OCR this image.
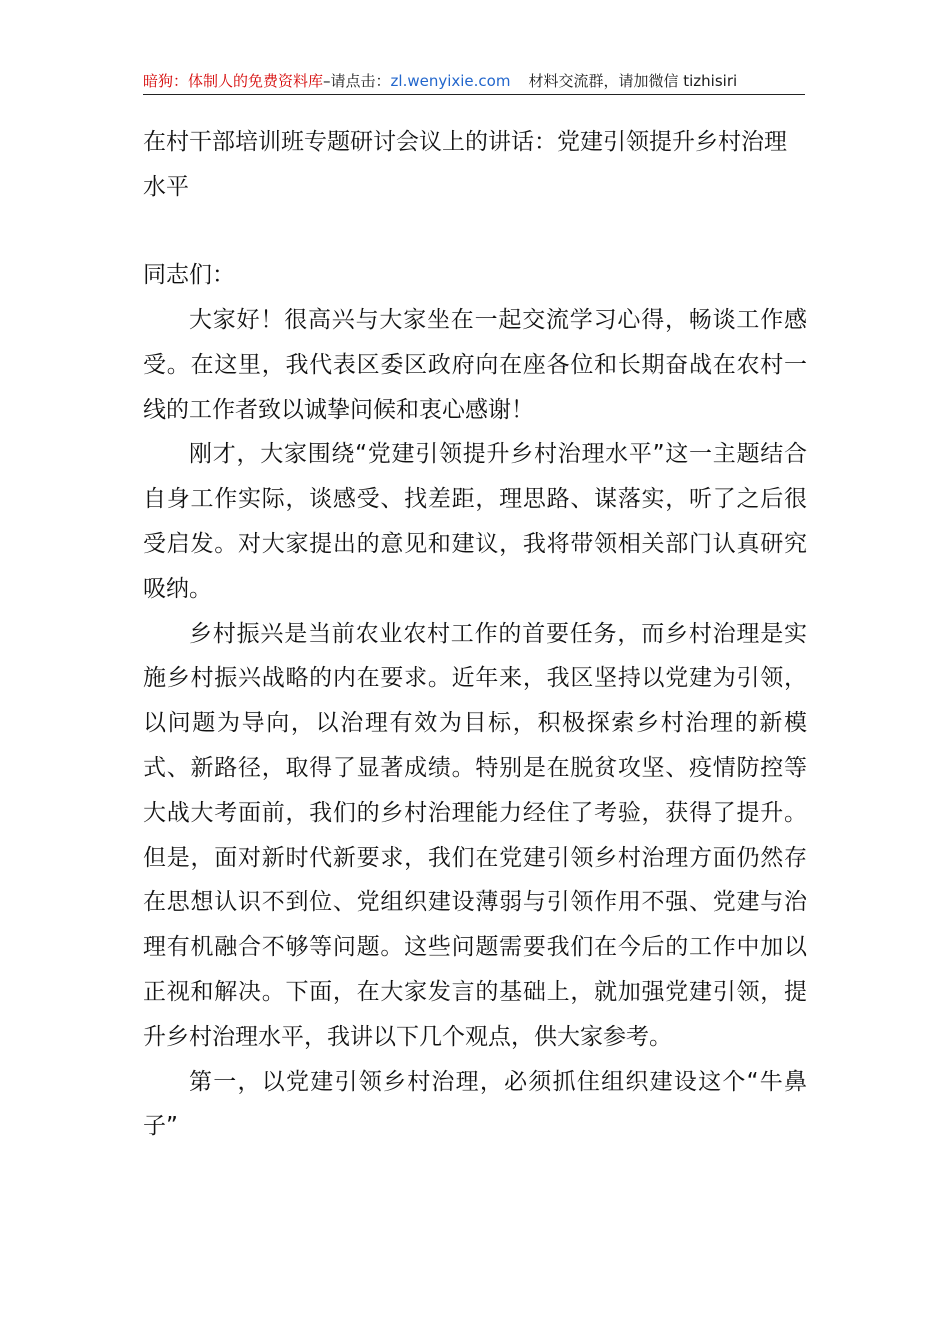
暗狗：体制人的免费资料库–请点击：zl.wenyixie.com 材料交流群，请加微信 tizhisiri

在村干部培训班专题研讨会议上的讲话：党建引领提升乡村治理水平

同志们：

大家好！很高兴与大家坐在一起交流学习心得，畅谈工作感受。在这里，我代表区委区政府向在座各位和长期奋战在农村一线的工作者致以诚挚问候和衷心感谢！

刚才，大家围绕“党建引领提升乡村治理水平”这一主题结合自身工作实际，谈感受、找差距，理思路、谋落实，听了之后很受启发。对大家提出的意见和建议，我将带领相关部门认真研究吸纳。

乡村振兴是当前农业农村工作的首要任务，而乡村治理是实施乡村振兴战略的内在要求。近年来，我区坚持以党建为引领，以问题为导向，以治理有效为目标，积极探索乡村治理的新模式、新路径，取得了显著成绩。特别是在脱贫攻坚、疫情防控等大战大考面前，我们的乡村治理能力经住了考验，获得了提升。但是，面对新时代新要求，我们在党建引领乡村治理方面仍然存在思想认识不到位、党组织建设薄弱与引领作用不强、党建与治理有机融合不够等问题。这些问题需要我们在今后的工作中加以正视和解决。下面，在大家发言的基础上，就加强党建引领，提升乡村治理水平，我讲以下几个观点，供大家参考。

第一，以党建引领乡村治理，必须抓住组织建设这个“牛鼻子”
